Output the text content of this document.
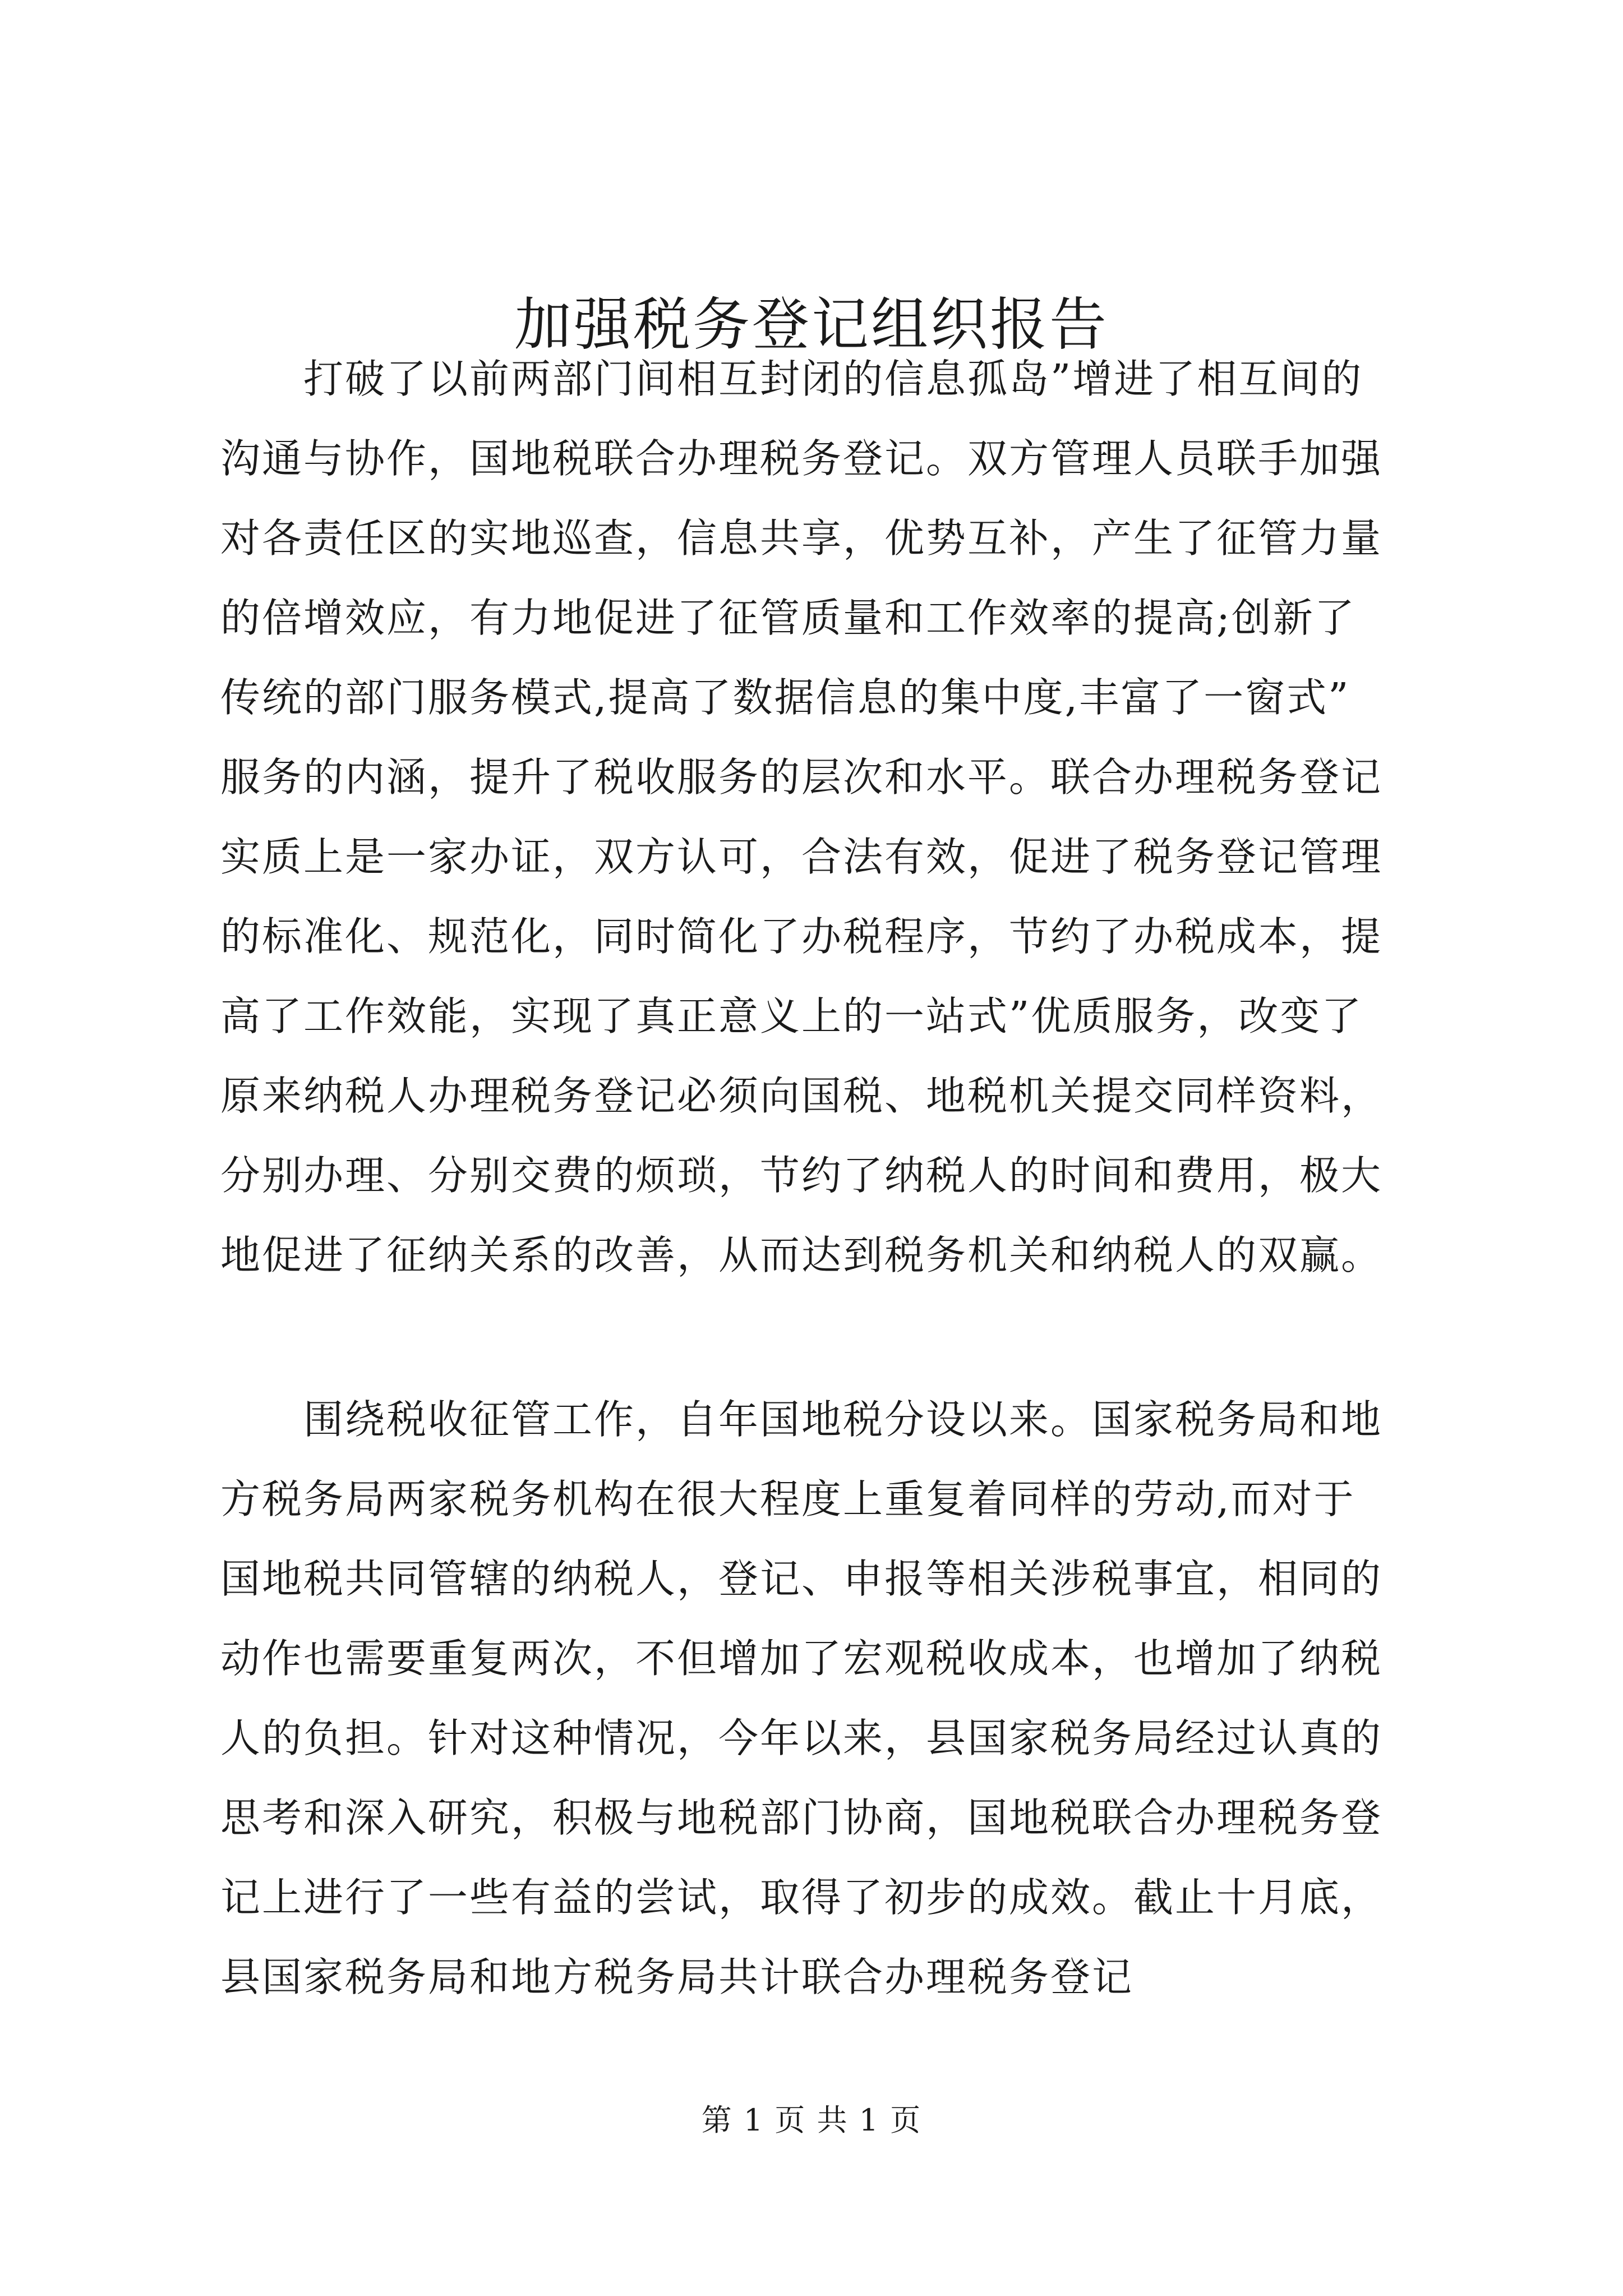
加强税务登记组织报告
　　打破了以前两部门间相互封闭的信息孤岛”增进了相互间的
沟通与协作，国地税联合办理税务登记。双方管理人员联手加强
对各责任区的实地巡查，信息共享，优势互补，产生了征管力量
的倍增效应，有力地促进了征管质量和工作效率的提高;创新了
传统的部门服务模式,提高了数据信息的集中度,丰富了一窗式”
服务的内涵，提升了税收服务的层次和水平。联合办理税务登记
实质上是一家办证，双方认可，合法有效，促进了税务登记管理
的标准化、规范化，同时简化了办税程序，节约了办税成本，提
高了工作效能，实现了真正意义上的一站式”优质服务，改变了
原来纳税人办理税务登记必须向国税、地税机关提交同样资料，
分别办理、分别交费的烦琐，节约了纳税人的时间和费用，极大
地促进了征纳关系的改善，从而达到税务机关和纳税人的双赢。
　　围绕税收征管工作，自年国地税分设以来。国家税务局和地
方税务局两家税务机构在很大程度上重复着同样的劳动,而对于
国地税共同管辖的纳税人，登记、申报等相关涉税事宜，相同的
动作也需要重复两次，不但增加了宏观税收成本，也增加了纳税
人的负担。针对这种情况，今年以来，县国家税务局经过认真的
思考和深入研究，积极与地税部门协商，国地税联合办理税务登
记上进行了一些有益的尝试，取得了初步的成效。截止十月底，
县国家税务局和地方税务局共计联合办理税务登记
第 1 页 共 1 页
